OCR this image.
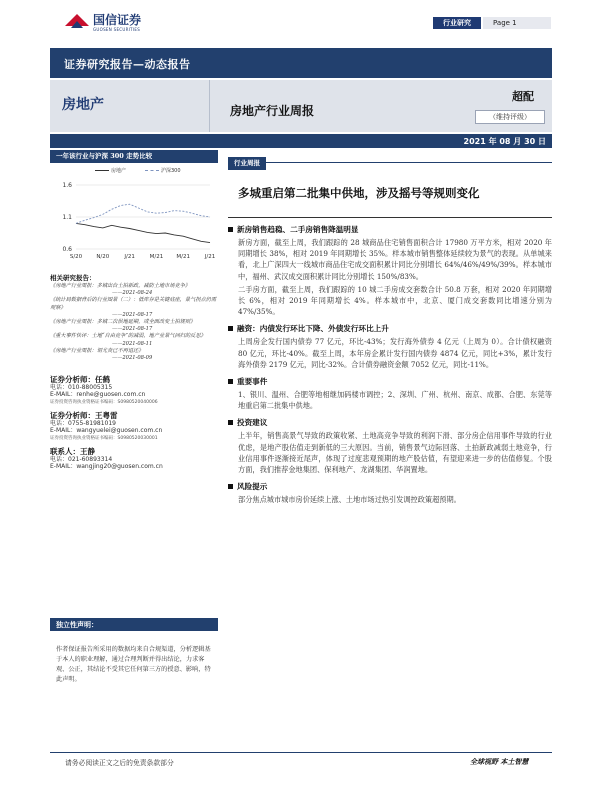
国信证券
GUOSEN SECURITIES
行业研究	Page 1
证券研究报告—动态报告
房地产	房地产行业周报
超配
（维持评级）
2021 年 08 月 30 日
一年该行业与沪深 300 走势比较
房地产	沪深300
1.6
1.1
0.6
S/20	N/20	J/21	M/21 M/21	J/21
相关研究报告：
《房地产行业周报：多城出台土拍新政，减防土地市场竞争》
——2021-08-24
《统计局数据背后的行业图景（二）：低库存是关键底座，景气拐点仍需观察》
——2021-08-17
《房地产行业周报：多城二次供地延期，或全面改变土拍规则》
——2021-08-17
《重大事件快评：土地“自由竞争”的减弱，地产业景气回归的反思》
——2021-08-11
《房地产行业周报：谓尤炎已不再退还》
——2021-08-09
证券分析师：任鹤
电话：010-88005315
E-MAIL：renhe@guosen.com.cn
证券投资咨询执业资格证书编码：S0980520040006
证券分析师：王粤雷
电话：0755-81981019
E-MAIL：wangyuelei@guosen.com.cn
证券投资咨询执业资格证书编码：S0980520030001
联系人：王静
电话：021-60893314
E-MAIL：wangjing20@guosen.com.cn
独立性声明：
作者保证报告所采用的数据均来自合规渠道，分析逻辑基于本人的职业理解，通过合理判断并得出结论，力求客观、公正，其结论不受其它任何第三方的授意、影响，特此声明。
行业周报
多城重启第二批集中供地，涉及摇号等规则变化
新房销售趋稳、二手房销售降温明显
新房方面，截至上周，我们跟踪的 28 城商品住宅销售面积合计 17980 万平方米，相对 2020 年同期增长 38%，相对 2019 年同期增长 35%。样本城市销售整体延续较为景气的表现。从单城来看，北上广深四大一线城市商品住宅成交面积累计同比分别增长 64%/46%/49%/39%。样本城市中，福州、武汉成交面积累计同比分别增长 150%/83%。
二手房方面，截至上周，我们跟踪的 10 城二手房成交套数合计 50.8 万套，相对 2020 年同期增长 6%，相对 2019 年同期增长 4%。样本城市中，北京、厦门成交套数同比增速分别为 47%/35%。
融资：内债发行环比下降、外债发行环比上升
上周房企发行国内债券 77 亿元，环比-43%；发行海外债券 4 亿元（上周为 0）。合计债权融资 80 亿元，环比-40%。截至上周，本年房企累计发行国内债券 4874 亿元，同比+3%，累计发行海外债券 2179 亿元，同比-32%。合计债券融资金额 7052 亿元，同比-11%。
重要事件
1、银川、温州、合肥等地相继加码楼市调控；2、深圳、广州、杭州、南京、成都、合肥、东莞等地重启第二批集中供地。
投资建议
上半年，销售高景气导致的政策收紧、土地高竞争导致的利润下滑、部分房企信用事件导致的行业优虑，是地产股估值走到新低的三大原因。当前，销售景气边际回落、土拍新政减弱土地竞争，行业信用事件逐渐接近尾声，体现了过度悲观预期的地产股估值，有望迎来进一步的估值修复。个股方面，我们推荐金地集团、保利地产、龙湖集团、华润置地。
风险提示
部分焦点城市城市房价延续上涨、土地市场过热引发调控政策超预期。
请务必阅读正文之后的免责条款部分	全球视野 本土智慧
